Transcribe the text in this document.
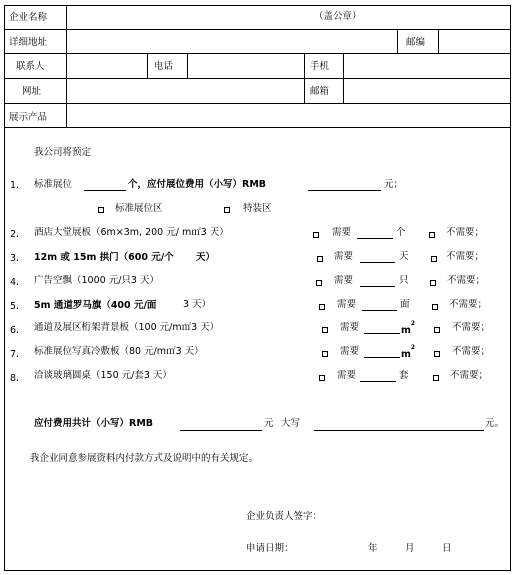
企业名称	（盖公章）
详细地址	邮编
联系人	电话	手机
网址	邮箱
展示产品
我公司将预定
1. 标准展位	个，应付展位费用（小写）RMB	元；
标准展位区	特装区
2. 酒店大堂展板（6m×3m, 200 元/ m㎡3 天）	需要	个	不需要；
3. 12m 或 15m 拱门（600 元/个 天）	需要	天	不需要；
4. 广告空飘（1000 元/只3 天）	需要	只	不需要；
5. 5m 通道罗马旗（400 元/面	3 天）	需要	面	不需要；
6. 通道及展区桁架背景板（100 元/m㎡3 天）	需要	$m^2$	不需要；
7. 标准展位写真冷敷板（80 元/m㎡3 天）	需要	$m^2$	不需要；
8. 洽谈玻璃圆桌（150 元/套3 天）	需要	套	不需要；
应付费用共计（小写）RMB	元 大写	元。
我企业同意参展资料内付款方式及说明中的有关规定。
企业负责人签字：
申请日期：	年	月	日
